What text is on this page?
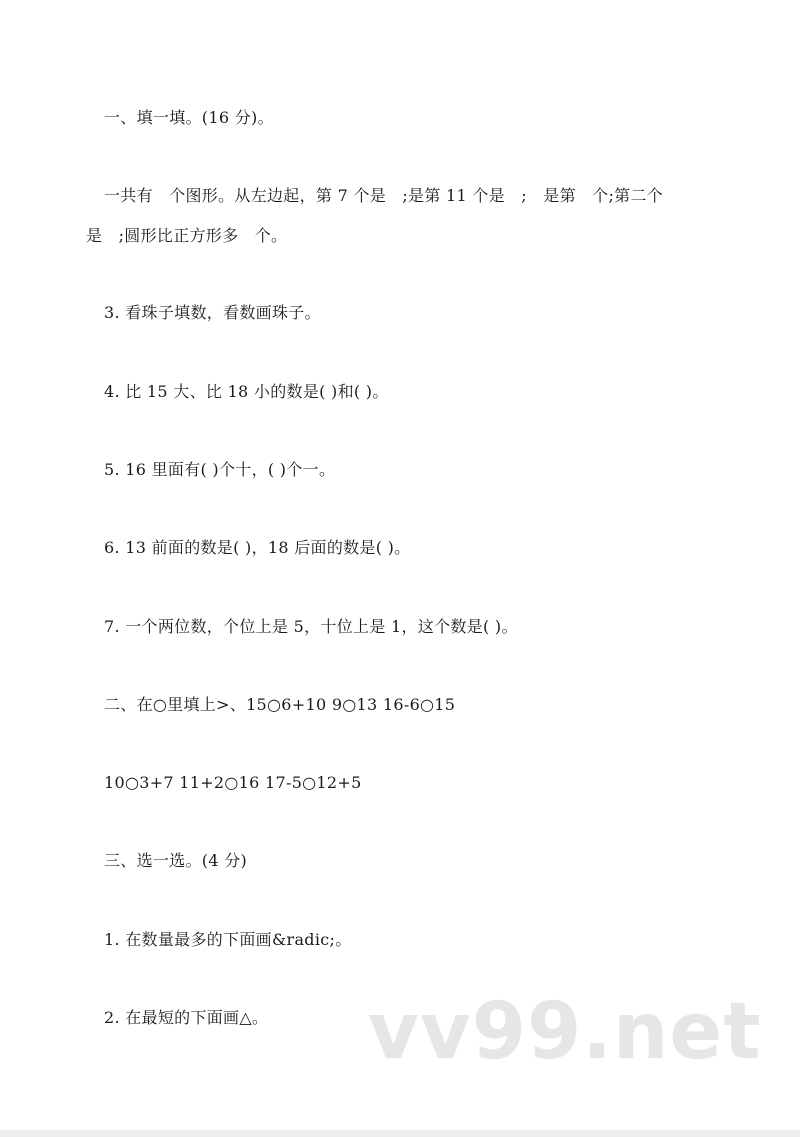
一、填一填。(16 分)。
一共有　个图形。从左边起，第 7 个是　;是第 11 个是　;　是第　个;第二个
是　;圆形比正方形多　个。
3. 看珠子填数，看数画珠子。
4. 比 15 大、比 18 小的数是( )和( )。
5. 16 里面有( )个十，( )个一。
6. 13 前面的数是( )，18 后面的数是( )。
7. 一个两位数，个位上是 5，十位上是 1，这个数是( )。
二、在○里填上>、15○6+10 9○13 16-6○15
10○3+7 11+2○16 17-5○12+5
三、选一选。(4 分)
1. 在数量最多的下面画&radic;。
2. 在最短的下面画△。 vv99.net
